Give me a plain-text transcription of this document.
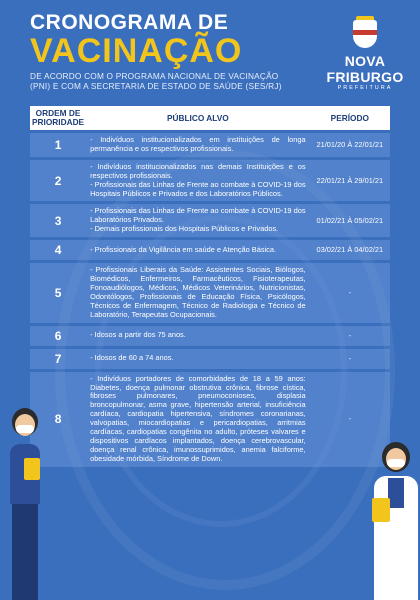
CRONOGRAMA DE
VACINAÇÃO
DE ACORDO COM O PROGRAMA NACIONAL DE VACINAÇÃO
(PNI) E COM A SECRETARIA DE ESTADO DE SAÚDE (SES/RJ)
NOVA
FRIBURGO
PREFEITURA
ORDEM DE PRIORIDADE	PÚBLICO ALVO	PERÍODO
1	- Indivíduos institucionalizados em instituições de longa permanência e os respectivos profissionais.	21/01/20 À 22/01/21
2	- Indivíduos institucionalizados nas demais Instituições e os respectivos profissionais.
- Profissionais das Linhas de Frente ao combate à COVID-19 dos Hospitais Públicos e Privados e dos Laboratórios Públicos.	22/01/21 À 29/01/21
3	- Profissionais das Linhas de Frente ao combate à COVID-19 dos Laboratórios Privados.
- Demais profissionais dos Hospitais Públicos e Privados.	01/02/21 À 05/02/21
4	- Profissionais da Vigilância em saúde e Atenção Básica.	03/02/21 À 04/02/21
5	- Profissionais Liberais da Saúde: Assistentes Sociais, Biólogos, Biomédicos, Enfermeiros, Farmacêuticos, Fisioterapeutas, Fonoaudiólogos, Médicos, Médicos Veterinários, Nutricionistas, Odontólogos, Profissionais de Educação Física, Psicólogos, Técnicos de Enfermagem, Técnico de Radiologia e Técnico de Laboratório, Terapeutas Ocupacionais.	-
6	- Idosos a partir dos 75 anos.	-
7	- Idosos de 60 a 74 anos.	-
8	- Indivíduos portadores de comorbidades de 18 a 59 anos: Diabetes, doença pulmonar obstrutiva crônica, fibrose cística, fibroses pulmonares, pneumoconioses, displasia broncopulmonar, asma grave, hipertensão arterial, insuficiência cardíaca, cardiopatia hipertensiva, síndromes coronarianas, valvopatias, miocardiopatias e pericardiopatias, arritmias cardíacas, cardiopatias congênita no adulto, próteses valvares e dispositivos cardíacos implantados, doença cerebrovascular, doença renal crônica, imunossuprimidos, anemia falciforme, obesidade mórbida, Síndrome de Down.	-
